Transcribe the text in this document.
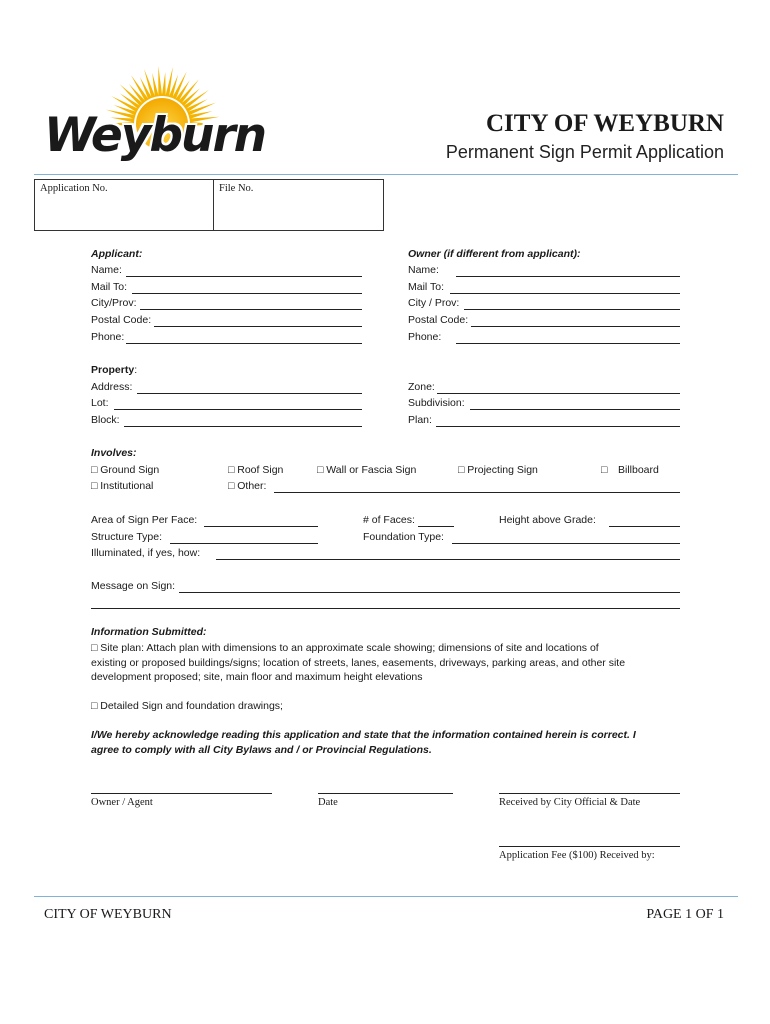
Weyburn	CITY OF WEYBURN
Permanent Sign Permit Application
Application No.	File No.
Applicant:
Name:
Mail To:
City/Prov:
Postal Code:
Phone:
Owner (if different from applicant):
Name:
Mail To:
City / Prov:
Postal Code:
Phone:
Property:
Address:
Lot:
Block:
Zone:
Subdivision:
Plan:
Involves:
□ Ground Sign	□ Roof Sign	□ Wall or Fascia Sign	□ Projecting Sign	□ Billboard
□ Institutional	□ Other:
Area of Sign Per Face:	# of Faces:	Height above Grade:
Structure Type:	Foundation Type:
Illuminated, if yes, how:
Message on Sign:
Information Submitted:
□ Site plan: Attach plan with dimensions to an approximate scale showing; dimensions of site and locations of
existing or proposed buildings/signs; location of streets, lanes, easements, driveways, parking areas, and other site
development proposed; site, main floor and maximum height elevations
□ Detailed Sign and foundation drawings;
I/We hereby acknowledge reading this application and state that the information contained herein is correct. I
agree to comply with all City Bylaws and / or Provincial Regulations.
Owner / Agent	Date	Received by City Official & Date
Application Fee ($100) Received by:
CITY OF WEYBURN	PAGE 1 OF 1
